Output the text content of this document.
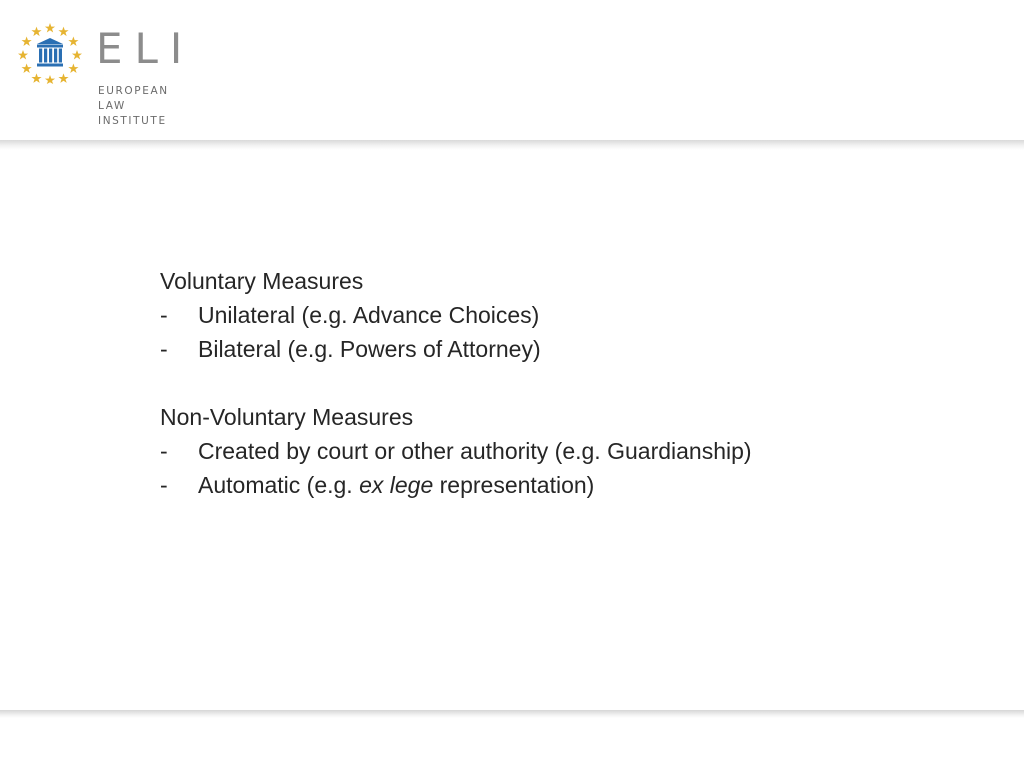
ELI
EUROPEAN
LAW
INSTITUTE
Voluntary Measures
- Unilateral (e.g. Advance Choices)
- Bilateral (e.g. Powers of Attorney)
Non-Voluntary Measures
- Created by court or other authority (e.g. Guardianship)
- Automatic (e.g. ex lege representation)
